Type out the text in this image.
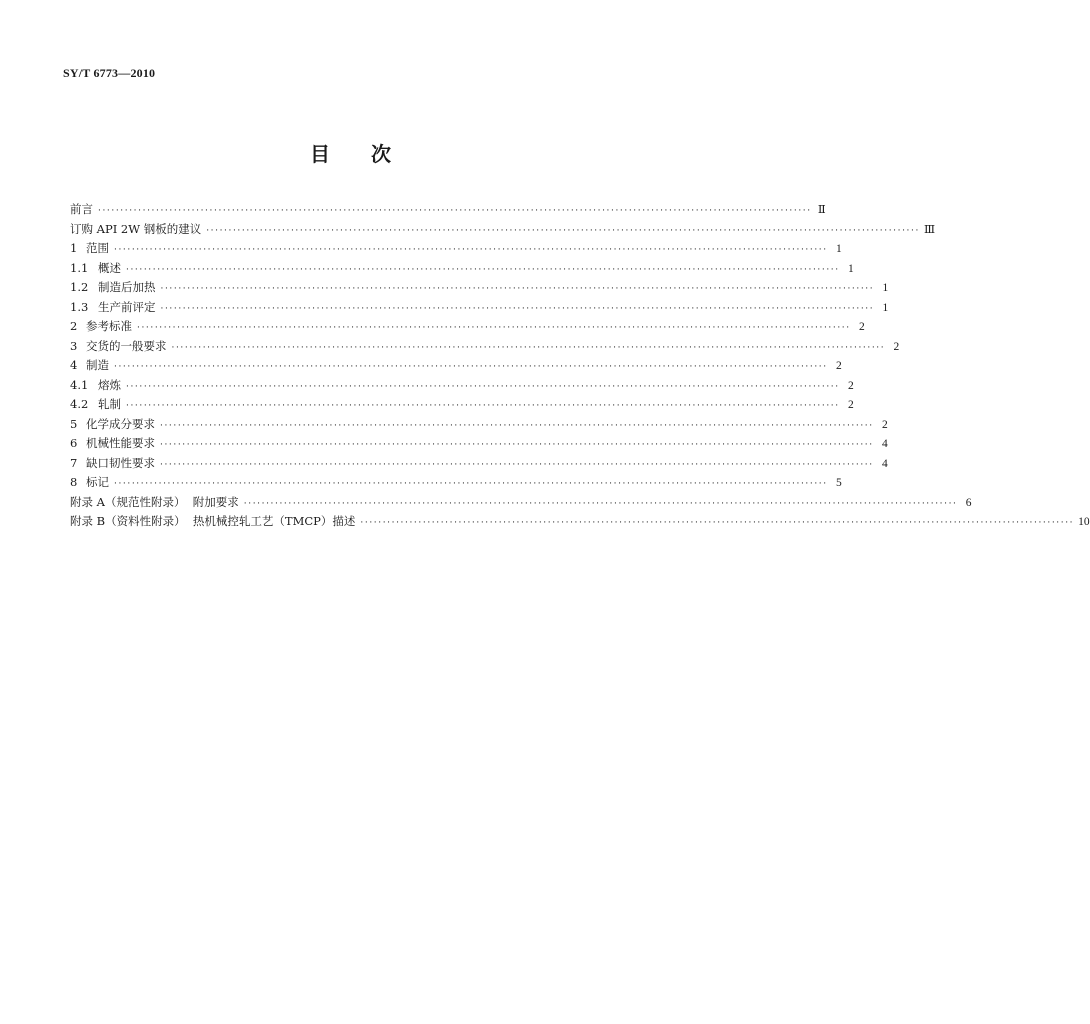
SY/T 6773—2010
目 次
前言 ································································································································································ Ⅱ
订购 API 2W 钢板的建议 ································································································································································ Ⅲ
1 范围 ································································································································································ 1
1.1 概述 ································································································································································ 1
1.2 制造后加热 ································································································································································ 1
1.3 生产前评定 ································································································································································ 1
2 参考标准 ································································································································································ 2
3 交货的一般要求 ································································································································································ 2
4 制造 ································································································································································ 2
4.1 熔炼 ································································································································································ 2
4.2 轧制 ································································································································································ 2
5 化学成分要求 ································································································································································ 2
6 机械性能要求 ································································································································································ 4
7 缺口韧性要求 ································································································································································ 4
8 标记 ································································································································································ 5
附录 A（规范性附录）  附加要求 ································································································································································ 6
附录 B（资料性附录）  热机械控轧工艺（TMCP）描述 ································································································································································ 10
